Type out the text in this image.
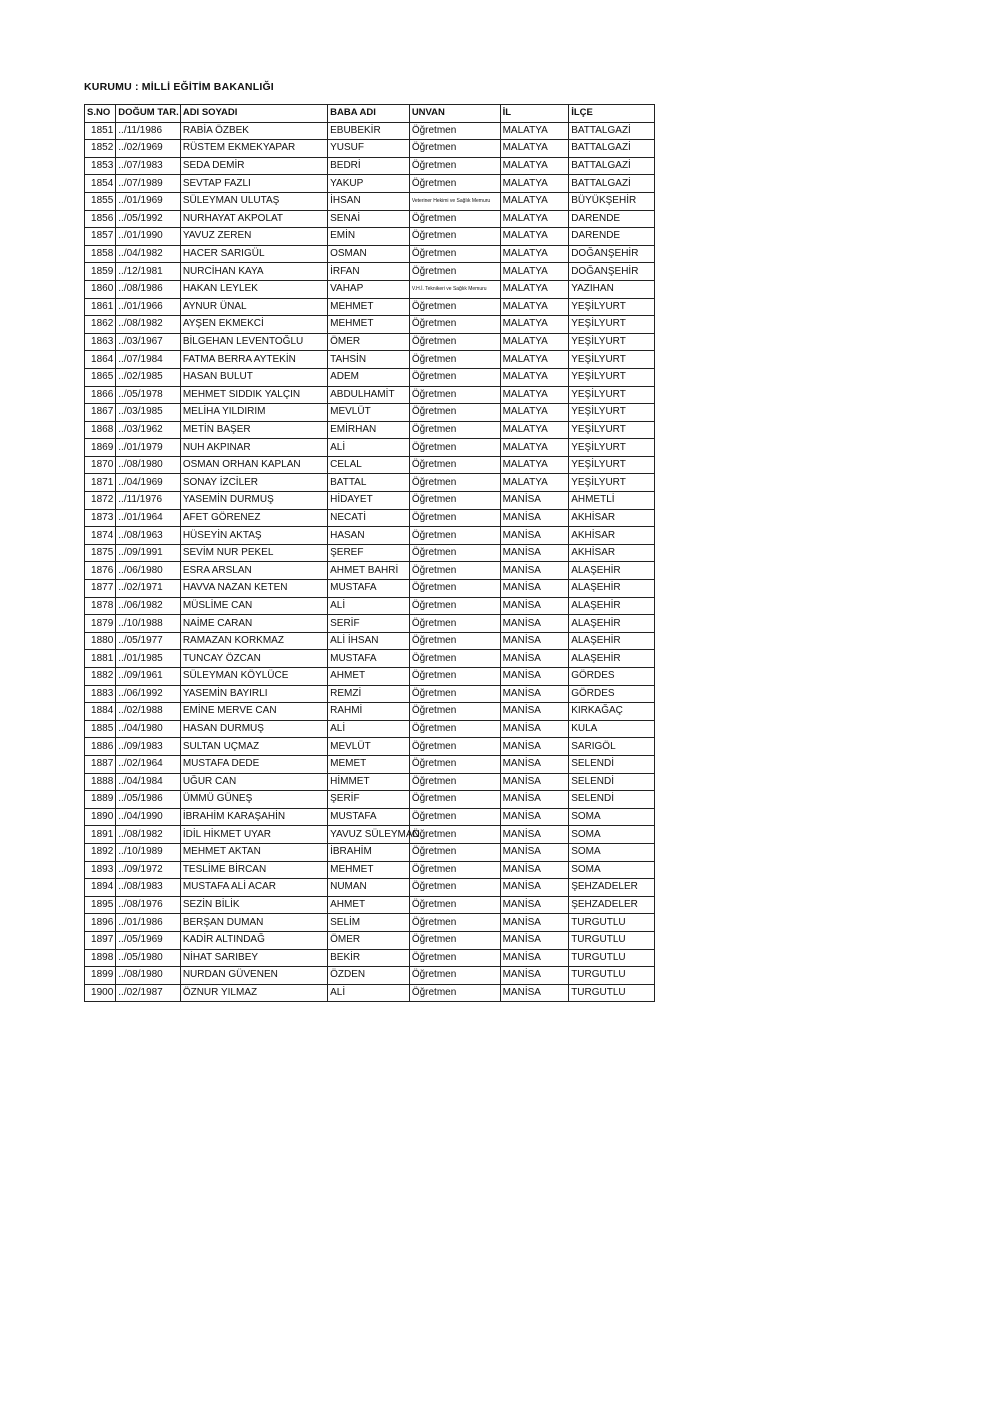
KURUMU : MİLLİ EĞİTİM BAKANLIĞI
S.NO	DOĞUM TAR.	ADI SOYADI	BABA ADI	UNVAN	İL	İLÇE
1851	../11/1986	RABİA ÖZBEK	EBUBEKİR	Öğretmen	MALATYA	BATTALGAZİ
1852	../02/1969	RÜSTEM EKMEKYAPAR	YUSUF	Öğretmen	MALATYA	BATTALGAZİ
1853	../07/1983	SEDA DEMİR	BEDRİ	Öğretmen	MALATYA	BATTALGAZİ
1854	../07/1989	SEVTAP FAZLI	YAKUP	Öğretmen	MALATYA	BATTALGAZİ
1855	../01/1969	SÜLEYMAN ULUTAŞ	İHSAN	Veteriner Hekimi ve Sağlık Memuru	MALATYA	BÜYÜKŞEHİR
1856	../05/1992	NURHAYAT AKPOLAT	SENAİ	Öğretmen	MALATYA	DARENDE
1857	../01/1990	YAVUZ ZEREN	EMİN	Öğretmen	MALATYA	DARENDE
1858	../04/1982	HACER SARIGÜL	OSMAN	Öğretmen	MALATYA	DOĞANŞEHİR
1859	../12/1981	NURCİHAN KAYA	İRFAN	Öğretmen	MALATYA	DOĞANŞEHİR
1860	../08/1986	HAKAN LEYLEK	VAHAP	V.H.İ. Teknikeri ve Sağlık Memuru	MALATYA	YAZIHAN
1861	../01/1966	AYNUR ÜNAL	MEHMET	Öğretmen	MALATYA	YEŞİLYURT
1862	../08/1982	AYŞEN EKMEKCİ	MEHMET	Öğretmen	MALATYA	YEŞİLYURT
1863	../03/1967	BİLGEHAN LEVENTOĞLU	ÖMER	Öğretmen	MALATYA	YEŞİLYURT
1864	../07/1984	FATMA BERRA AYTEKİN	TAHSİN	Öğretmen	MALATYA	YEŞİLYURT
1865	../02/1985	HASAN BULUT	ADEM	Öğretmen	MALATYA	YEŞİLYURT
1866	../05/1978	MEHMET SIDDIK YALÇIN	ABDULHAMİT	Öğretmen	MALATYA	YEŞİLYURT
1867	../03/1985	MELİHA YILDIRIM	MEVLÜT	Öğretmen	MALATYA	YEŞİLYURT
1868	../03/1962	METİN BAŞER	EMİRHAN	Öğretmen	MALATYA	YEŞİLYURT
1869	../01/1979	NUH AKPINAR	ALİ	Öğretmen	MALATYA	YEŞİLYURT
1870	../08/1980	OSMAN ORHAN KAPLAN	CELAL	Öğretmen	MALATYA	YEŞİLYURT
1871	../04/1969	SONAY İZCİLER	BATTAL	Öğretmen	MALATYA	YEŞİLYURT
1872	../11/1976	YASEMİN DURMUŞ	HİDAYET	Öğretmen	MANİSA	AHMETLİ
1873	../01/1964	AFET GÖRENEZ	NECATİ	Öğretmen	MANİSA	AKHİSAR
1874	../08/1963	HÜSEYİN AKTAŞ	HASAN	Öğretmen	MANİSA	AKHİSAR
1875	../09/1991	SEVİM NUR PEKEL	ŞEREF	Öğretmen	MANİSA	AKHİSAR
1876	../06/1980	ESRA ARSLAN	AHMET BAHRİ	Öğretmen	MANİSA	ALAŞEHİR
1877	../02/1971	HAVVA NAZAN KETEN	MUSTAFA	Öğretmen	MANİSA	ALAŞEHİR
1878	../06/1982	MÜSLİME CAN	ALİ	Öğretmen	MANİSA	ALAŞEHİR
1879	../10/1988	NAİME CARAN	SERİF	Öğretmen	MANİSA	ALAŞEHİR
1880	../05/1977	RAMAZAN KORKMAZ	ALİ İHSAN	Öğretmen	MANİSA	ALAŞEHİR
1881	../01/1985	TUNCAY ÖZCAN	MUSTAFA	Öğretmen	MANİSA	ALAŞEHİR
1882	../09/1961	SÜLEYMAN KÖYLÜCE	AHMET	Öğretmen	MANİSA	GÖRDES
1883	../06/1992	YASEMİN BAYIRLI	REMZİ	Öğretmen	MANİSA	GÖRDES
1884	../02/1988	EMİNE MERVE CAN	RAHMİ	Öğretmen	MANİSA	KIRKAĞAÇ
1885	../04/1980	HASAN DURMUŞ	ALİ	Öğretmen	MANİSA	KULA
1886	../09/1983	SULTAN UÇMAZ	MEVLÜT	Öğretmen	MANİSA	SARIGÖL
1887	../02/1964	MUSTAFA DEDE	MEMET	Öğretmen	MANİSA	SELENDİ
1888	../04/1984	UĞUR CAN	HİMMET	Öğretmen	MANİSA	SELENDİ
1889	../05/1986	ÜMMÜ GÜNEŞ	ŞERİF	Öğretmen	MANİSA	SELENDİ
1890	../04/1990	İBRAHİM KARAŞAHİN	MUSTAFA	Öğretmen	MANİSA	SOMA
1891	../08/1982	İDİL HİKMET UYAR	YAVUZ SÜLEYMAN	Öğretmen	MANİSA	SOMA
1892	../10/1989	MEHMET AKTAN	İBRAHİM	Öğretmen	MANİSA	SOMA
1893	../09/1972	TESLİME BİRCAN	MEHMET	Öğretmen	MANİSA	SOMA
1894	../08/1983	MUSTAFA ALİ ACAR	NUMAN	Öğretmen	MANİSA	ŞEHZADELER
1895	../08/1976	SEZİN BİLİK	AHMET	Öğretmen	MANİSA	ŞEHZADELER
1896	../01/1986	BERŞAN DUMAN	SELİM	Öğretmen	MANİSA	TURGUTLU
1897	../05/1969	KADİR ALTINDAĞ	ÖMER	Öğretmen	MANİSA	TURGUTLU
1898	../05/1980	NİHAT SARIBEY	BEKİR	Öğretmen	MANİSA	TURGUTLU
1899	../08/1980	NURDAN GÜVENEN	ÖZDEN	Öğretmen	MANİSA	TURGUTLU
1900	../02/1987	ÖZNUR YILMAZ	ALİ	Öğretmen	MANİSA	TURGUTLU
